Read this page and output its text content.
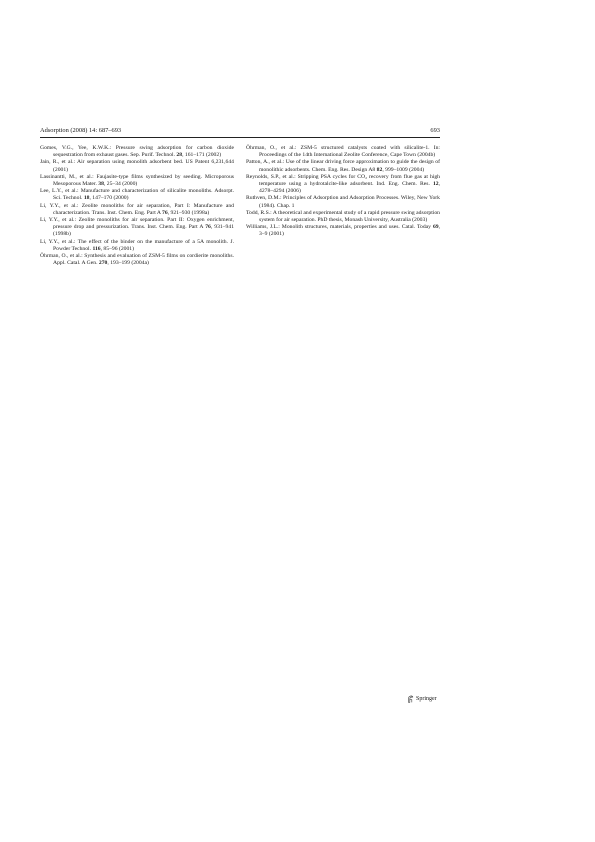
Adsorption (2008) 14: 687–693	693

Gomes, V.G., Yee, K.W.K.: Pressure swing adsorption for carbon dioxide sequestration from exhaust gases. Sep. Purif. Technol. 28, 161–171 (2002)

Jain, R., et al.: Air separation using monolith adsorbent bed. US Patent 6,231,644 (2001)

Lassinantti, M., et al.: Faujasite-type films synthesized by seeding. Microporous Mesoporous Mater. 38, 25–34 (2000)

Lee, L.Y., et al.: Manufacture and characterization of silicalite monoliths. Adsorpt. Sci. Technol. 18, 147–170 (2000)

Li, Y.Y., et al.: Zeolite monoliths for air separation, Part I: Manufacture and characterization. Trans. Inst. Chem. Eng. Part A 76, 921–930 (1998a)

Li, Y.Y., et al.: Zeolite monoliths for air separation. Part II: Oxygen enrichment, pressure drop and pressurization. Trans. Inst. Chem. Eng. Part A 76, 931–941 (1998b)

Li, Y.Y., et al.: The effect of the binder on the manufacture of a 5A monolith. J. Powder Technol. 116, 85–96 (2001)

Öhrman, O., et al.: Synthesis and evaluation of ZSM-5 films on cordierite monoliths. Appl. Catal. A Gen. 270, 193–199 (2004a)

Öhrman, O., et al.: ZSM-5 structured catalysts coated with silicalite-1. In: Proceedings of the 14th International Zeolite Conference, Cape Town (2004b)

Patton, A., et al.: Use of the linear driving force approximation to guide the design of monolithic adsorbents. Chem. Eng. Res. Design A8 82, 999–1009 (2004)

Reynolds, S.P., et al.: Stripping PSA cycles for CO₂ recovery from flue gas at high temperature using a hydrotalcite-like adsorbent. Ind. Eng. Chem. Res. 12, 4278–4294 (2006)

Ruthven, D.M.: Principles of Adsorption and Adsorption Processes. Wiley, New York (1984). Chap. 1

Todd, R.S.: A theoretical and experimental study of a rapid pressure swing adsorption system for air separation. PhD thesis, Monash University, Australia (2003)

Williams, J.L.: Monolith structures, materials, properties and uses. Catal. Today 69, 3–9 (2001)

Springer
